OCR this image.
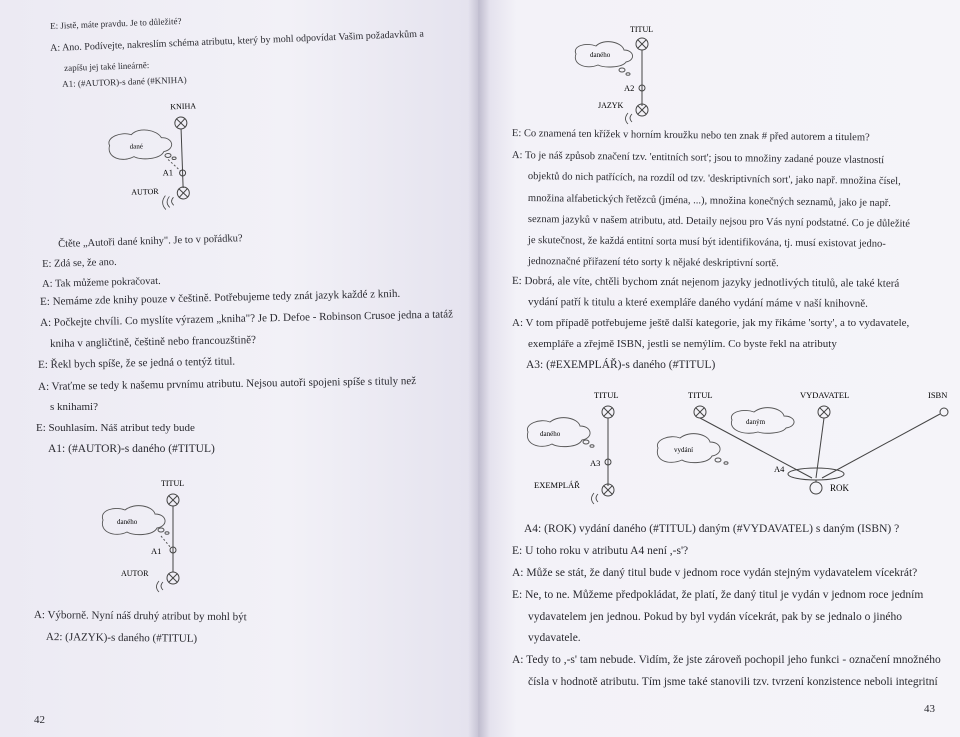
E: Jistě, máte pravdu. Je to důležité?
A: Ano. Podívejte, nakreslím schéma atributu, který by mohl odpovídat Vašim požadavkům a
zapíšu jej také lineárně:
A1: (#AUTOR)-s dané (#KNIHA)
KNIHA
dané
A1
AUTOR
Čtěte „Autoři dané knihy". Je to v pořádku?
E: Zdá se, že ano.
A: Tak můžeme pokračovat.
E: Nemáme zde knihy pouze v češtině. Potřebujeme tedy znát jazyk každé z knih.
A: Počkejte chvíli. Co myslíte výrazem „kniha"? Je D. Defoe - Robinson Crusoe jedna a tatáž
kniha v angličtině, češtině nebo francouzštině?
E: Řekl bych spíše, že se jedná o tentýž titul.
A: Vraťme se tedy k našemu prvnímu atributu. Nejsou autoři spojeni spíše s tituly než
s knihami?
E: Souhlasím. Náš atribut tedy bude
A1: (#AUTOR)-s daného (#TITUL)
TITUL
daného
A1
AUTOR
A: Výborně. Nyní náš druhý atribut by mohl být
A2: (JAZYK)-s daného (#TITUL)
42
TITUL
daného
A2
JAZYK
E: Co znamená ten křížek v horním kroužku nebo ten znak # před autorem a titulem?
A: To je náš způsob značení tzv. 'entitních sort'; jsou to množiny zadané pouze vlastností
objektů do nich patřících, na rozdíl od tzv. 'deskriptivních sort', jako např. množina čísel,
množina alfabetických řetězců (jména, ...), množina konečných seznamů, jako je např.
seznam jazyků v našem atributu, atd. Detaily nejsou pro Vás nyní podstatné. Co je důležité
je skutečnost, že každá entitní sorta musí být identifikována, tj. musí existovat jedno-
jednoznačné přiřazení této sorty k nějaké deskriptivní sortě.
E: Dobrá, ale víte, chtěli bychom znát nejenom jazyky jednotlivých titulů, ale také která
vydání patří k titulu a které exempláře daného vydání máme v naší knihovně.
A: V tom případě potřebujeme ještě další kategorie, jak my říkáme 'sorty', a to vydavatele,
exempláře a zřejmě ISBN, jestli se nemýlím. Co byste řekl na atributy
A3: (#EXEMPLÁŘ)-s daného (#TITUL)
TITUL
daného
A3
EXEMPLÁŘ
TITUL	VYDAVATEL	ISBN
daným
vydání
A4
ROK
A4: (ROK) vydání daného (#TITUL) daným (#VYDAVATEL) s daným (ISBN) ?
E: U toho roku v atributu A4 není ,-s'?
A: Může se stát, že daný titul bude v jednom roce vydán stejným vydavatelem vícekrát?
E: Ne, to ne. Můžeme předpokládat, že platí, že daný titul je vydán v jednom roce jedním
vydavatelem jen jednou. Pokud by byl vydán vícekrát, pak by se jednalo o jiného
vydavatele.
A: Tedy to ,-s' tam nebude. Vidím, že jste zároveň pochopil jeho funkci - označení množného
čísla v hodnotě atributu. Tím jsme také stanovili tzv. tvrzení konzistence neboli integritní
43
